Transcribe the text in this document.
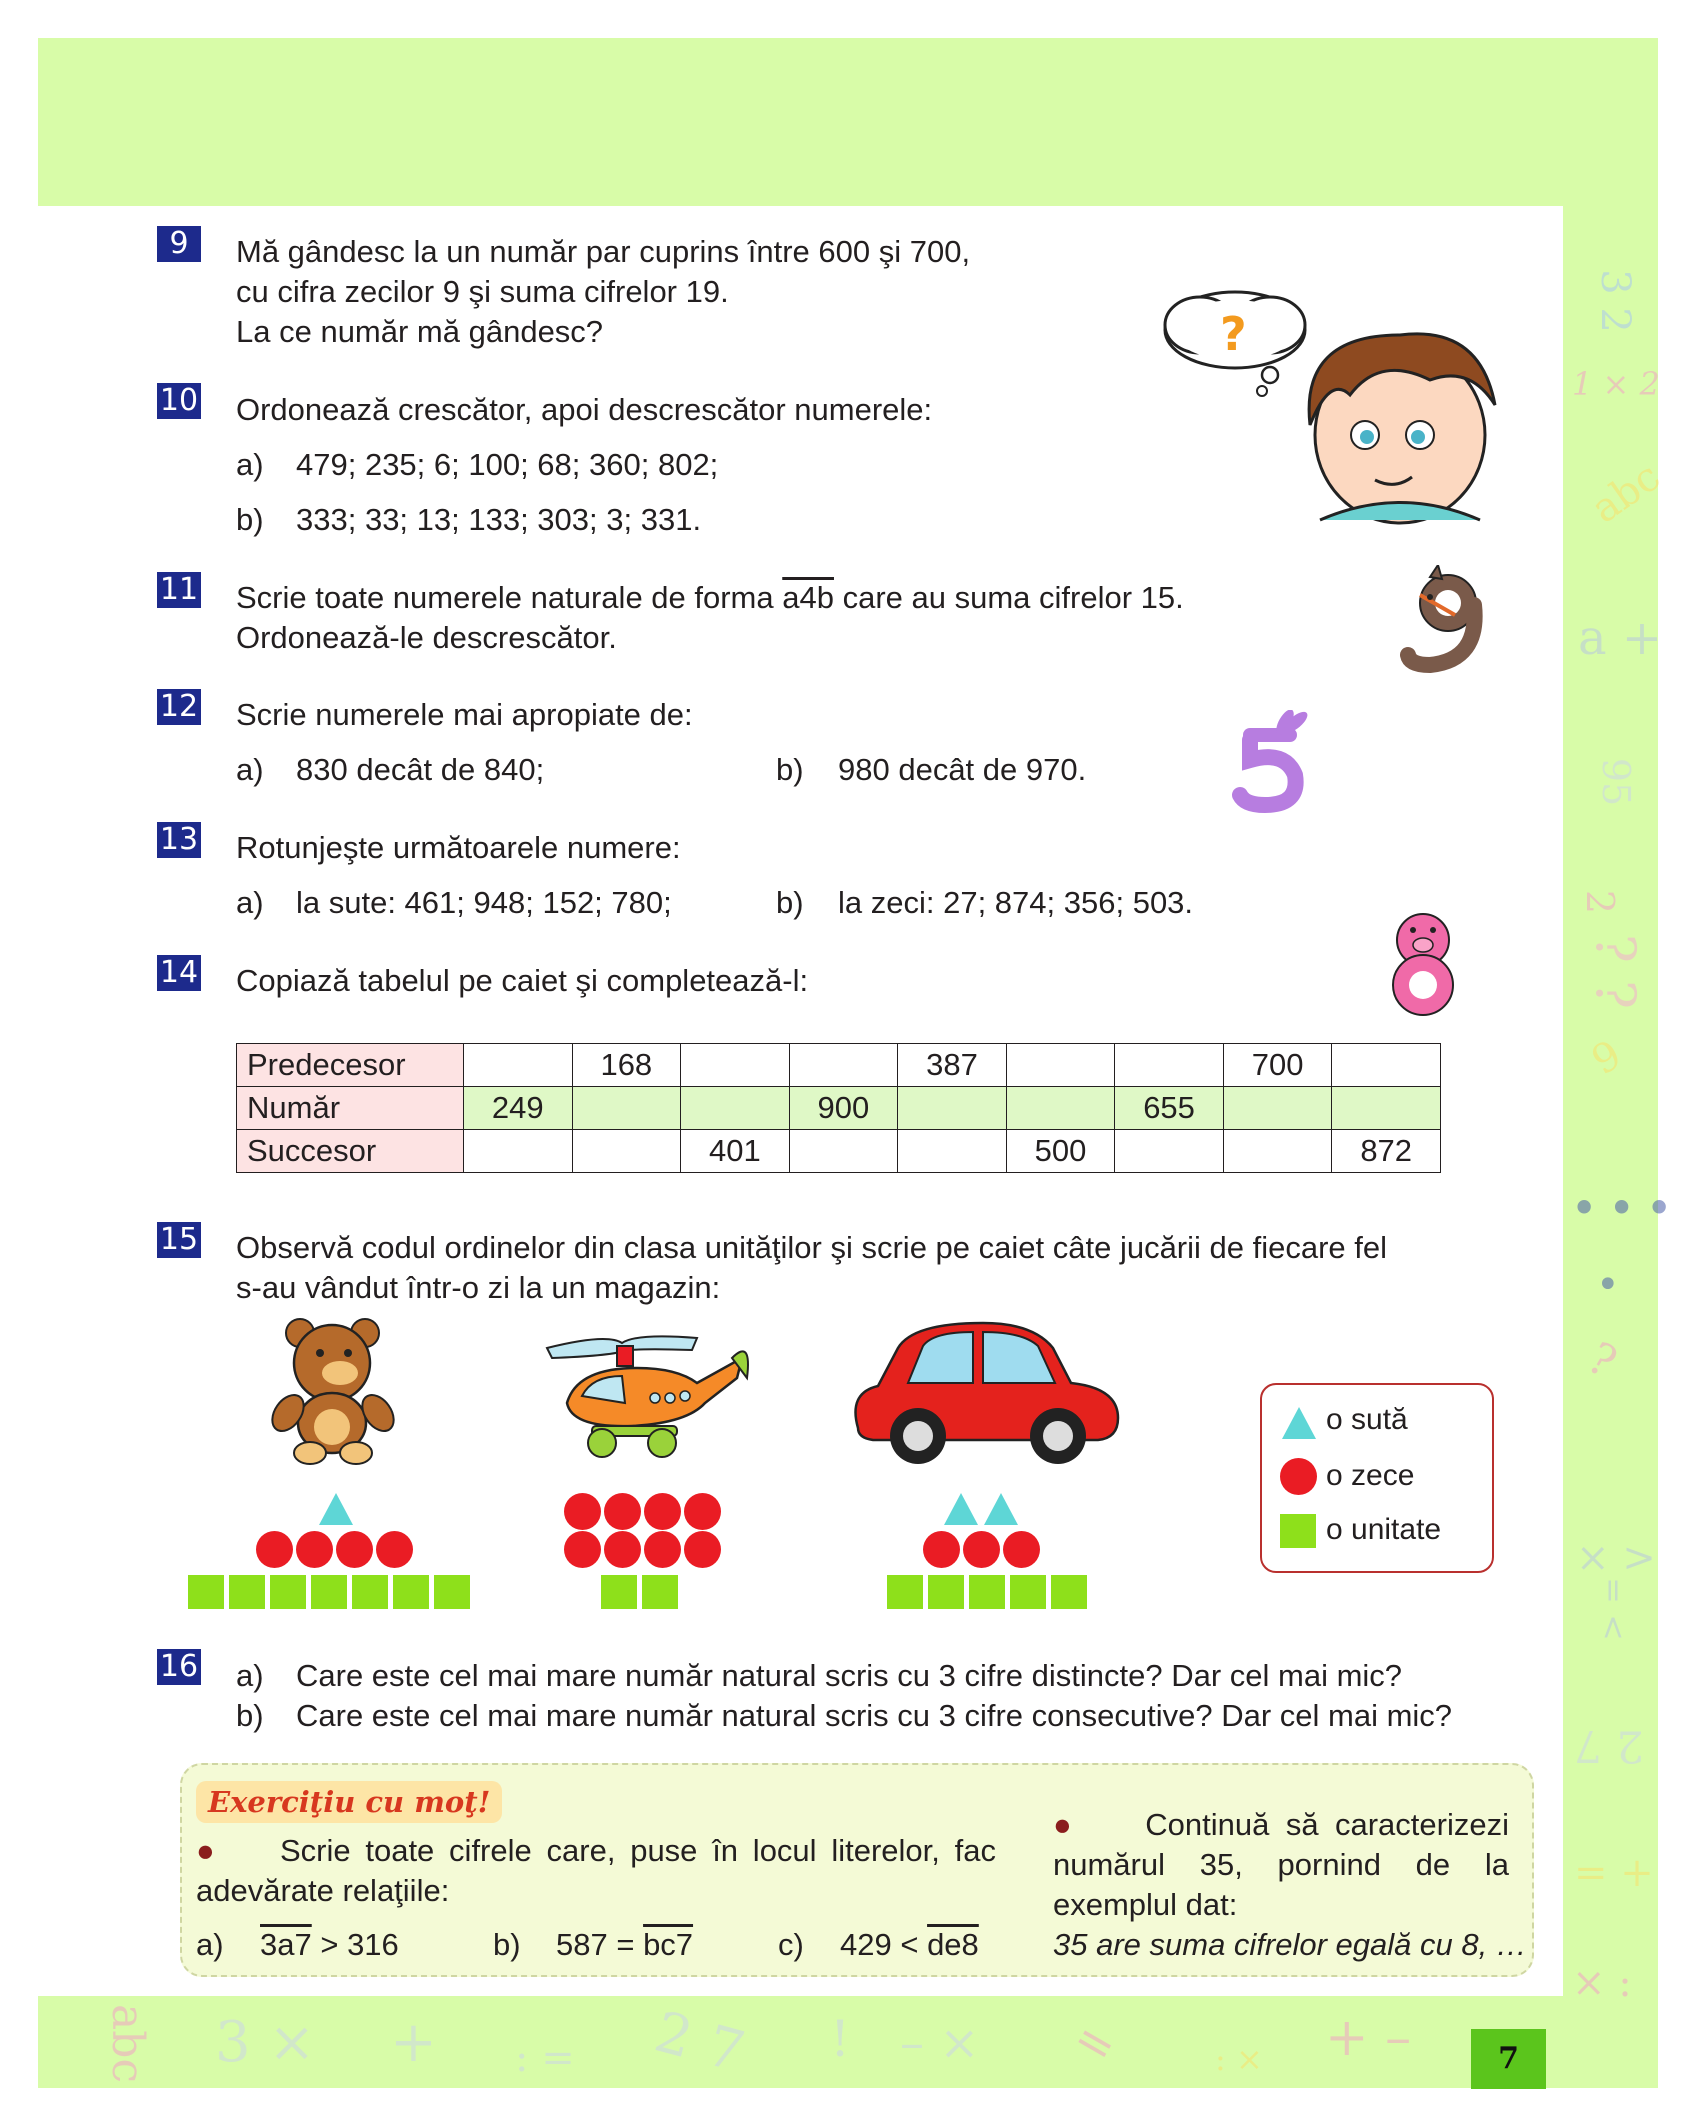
3 2
1 × 2
abc
a +
95
2
? ?
9
• • •
•
?
× >
= <
2 7
= +
× :
abc 3 × + : = 2 7 ! – × =	: × + –
9	Mă gândesc la un număr par cuprins între 600 şi 700,
cu cifra zecilor 9 şi suma cifrelor 19.
La ce număr mă gândesc?	?
10 Ordonează crescător, apoi descrescător numerele:
a) 479; 235; 6; 100; 68; 360; 802;
b) 333; 33; 13; 133; 303; 3; 331.
11 Scrie toate numerele naturale de forma a4b care au suma cifrelor 15.
Ordonează-le descrescător.
12 Scrie numerele mai apropiate de:
a) 830 decât de 840;	b) 980 decât de 970.
13 Rotunjeşte următoarele numere:
a) la sute: 461; 948; 152; 780;	b) la zeci: 27; 874; 356; 503.
14 Copiază tabelul pe caiet şi completează-l:
Predecesor		168			387			700	
Număr	249			900			655		
Succesor			401			500			872
15 Observă codul ordinelor din clasa unităţilor şi scrie pe caiet câte jucării de fiecare fel
s-au vândut într-o zi la un magazin:
o sută
o zece
o unitate
16 a) Care este cel mai mare număr natural scris cu 3 cifre distincte? Dar cel mai mic?
b) Care este cel mai mare număr natural scris cu 3 cifre consecutive? Dar cel mai mic?
Exerciţiu cu moţ!
● Scrie toate cifrele care, puse în locul literelor, fac adevărate relaţiile:
a) 3a7 > 316	b) 587 = bc7	c) 429 < de8
● Continuă să caracterizezi numărul 35, pornind de la exemplul dat:
35 are suma cifrelor egală cu 8, …
7
